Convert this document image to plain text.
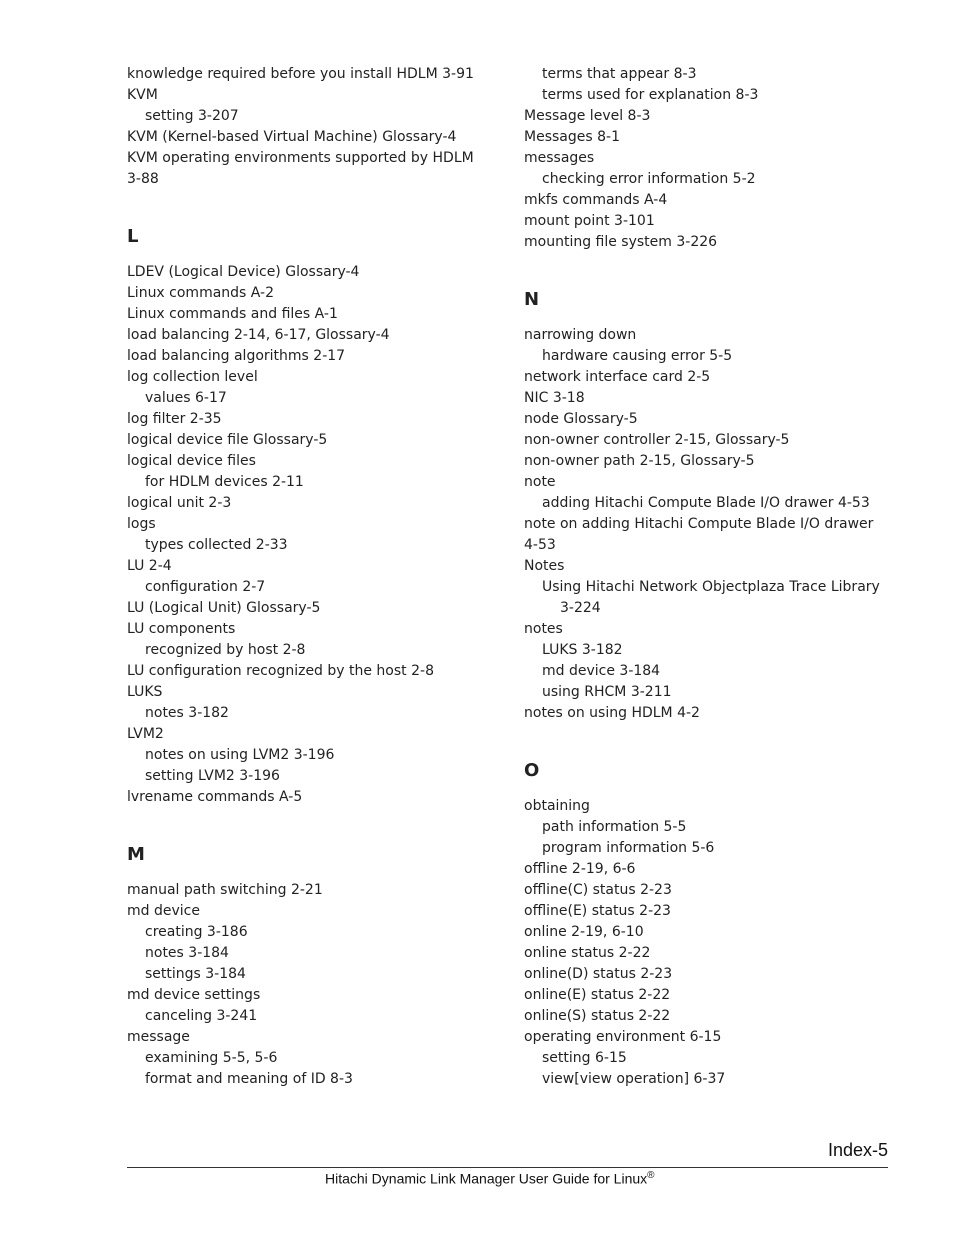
knowledge required before you install HDLM 3-91
KVM
setting 3-207
KVM (Kernel-based Virtual Machine) Glossary-4
KVM operating environments supported by HDLM
3-88
L
LDEV (Logical Device) Glossary-4
Linux commands A-2
Linux commands and files A-1
load balancing 2-14, 6-17, Glossary-4
load balancing algorithms 2-17
log collection level
values 6-17
log filter 2-35
logical device file Glossary-5
logical device files
for HDLM devices 2-11
logical unit 2-3
logs
types collected 2-33
LU 2-4
configuration 2-7
LU (Logical Unit) Glossary-5
LU components
recognized by host 2-8
LU configuration recognized by the host 2-8
LUKS
notes 3-182
LVM2
notes on using LVM2 3-196
setting LVM2 3-196
lvrename commands A-5
M
manual path switching 2-21
md device
creating 3-186
notes 3-184
settings 3-184
md device settings
canceling 3-241
message
examining 5-5, 5-6
format and meaning of ID 8-3
terms that appear 8-3
terms used for explanation 8-3
Message level 8-3
Messages 8-1
messages
checking error information 5-2
mkfs commands A-4
mount point 3-101
mounting file system 3-226
N
narrowing down
hardware causing error 5-5
network interface card 2-5
NIC 3-18
node Glossary-5
non-owner controller 2-15, Glossary-5
non-owner path 2-15, Glossary-5
note
adding Hitachi Compute Blade I/O drawer 4-53
note on adding Hitachi Compute Blade I/O drawer
4-53
Notes
Using Hitachi Network Objectplaza Trace Library
3-224
notes
LUKS 3-182
md device 3-184
using RHCM 3-211
notes on using HDLM 4-2
O
obtaining
path information 5-5
program information 5-6
offline 2-19, 6-6
offline(C) status 2-23
offline(E) status 2-23
online 2-19, 6-10
online status 2-22
online(D) status 2-23
online(E) status 2-22
online(S) status 2-22
operating environment 6-15
setting 6-15
view[view operation] 6-37
Index-5
Hitachi Dynamic Link Manager User Guide for Linux®
